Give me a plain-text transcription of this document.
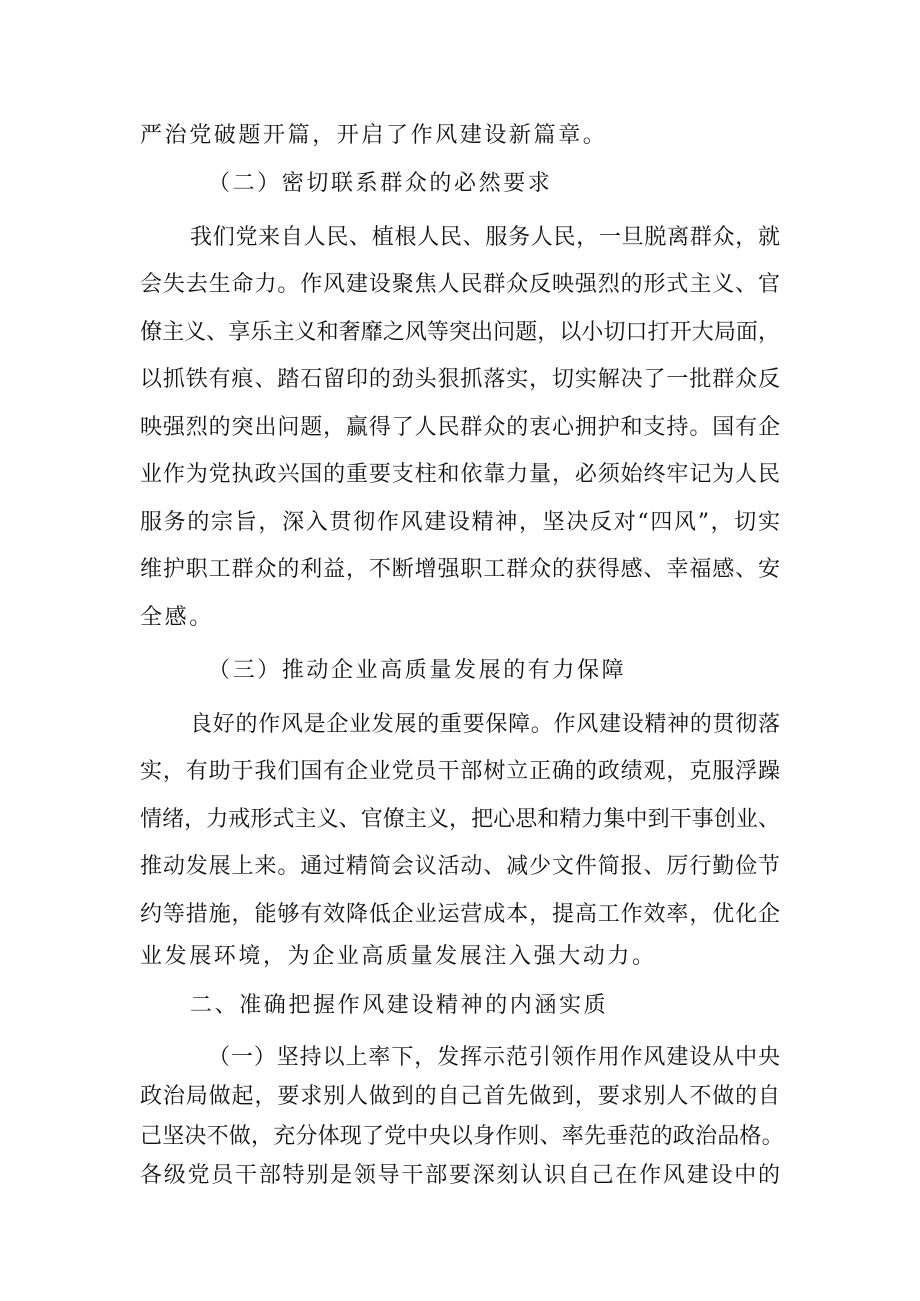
严治党破题开篇，开启了作风建设新篇章。
（二）密切联系群众的必然要求
我们党来自人民、植根人民、服务人民，一旦脱离群众，就
会失去生命力。作风建设聚焦人民群众反映强烈的形式主义、官
僚主义、享乐主义和奢靡之风等突出问题，以小切口打开大局面，
以抓铁有痕、踏石留印的劲头狠抓落实，切实解决了一批群众反
映强烈的突出问题，赢得了人民群众的衷心拥护和支持。国有企
业作为党执政兴国的重要支柱和依靠力量，必须始终牢记为人民
服务的宗旨，深入贯彻作风建设精神，坚决反对“四风”，切实
维护职工群众的利益，不断增强职工群众的获得感、幸福感、安
全感。
（三）推动企业高质量发展的有力保障
良好的作风是企业发展的重要保障。作风建设精神的贯彻落
实，有助于我们国有企业党员干部树立正确的政绩观，克服浮躁
情绪，力戒形式主义、官僚主义，把心思和精力集中到干事创业、
推动发展上来。通过精简会议活动、减少文件简报、厉行勤俭节
约等措施，能够有效降低企业运营成本，提高工作效率，优化企
业发展环境，为企业高质量发展注入强大动力。
二、准确把握作风建设精神的内涵实质
（一）坚持以上率下，发挥示范引领作用作风建设从中央
政治局做起，要求别人做到的自己首先做到，要求别人不做的自
己坚决不做，充分体现了党中央以身作则、率先垂范的政治品格。
各级党员干部特别是领导干部要深刻认识自己在作风建设中的
